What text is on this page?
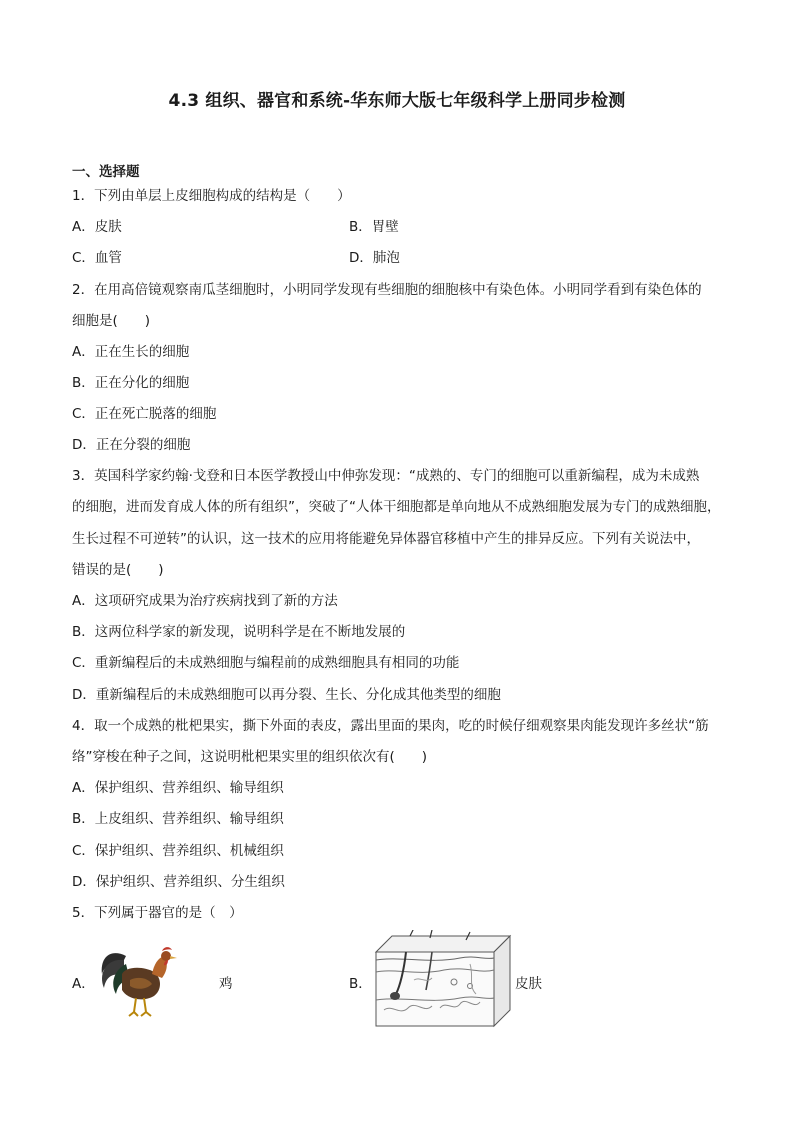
4.3 组织、器官和系统-华东师大版七年级科学上册同步检测
一、选择题
1．下列由单层上皮细胞构成的结构是（　　）
A．皮肤	B．胃壁
C．血管	D．肺泡
2．在用高倍镜观察南瓜茎细胞时，小明同学发现有些细胞的细胞核中有染色体。小明同学看到有染色体的
细胞是(　　)
A．正在生长的细胞
B．正在分化的细胞
C．正在死亡脱落的细胞
D．正在分裂的细胞
3．英国科学家约翰·戈登和日本医学教授山中伸弥发现：“成熟的、专门的细胞可以重新编程，成为未成熟
的细胞，进而发育成人体的所有组织”，突破了“人体干细胞都是单向地从不成熟细胞发展为专门的成熟细胞，
生长过程不可逆转”的认识，这一技术的应用将能避免异体器官移植中产生的排异反应。下列有关说法中，
错误的是(　　)
A．这项研究成果为治疗疾病找到了新的方法
B．这两位科学家的新发现，说明科学是在不断地发展的
C．重新编程后的未成熟细胞与编程前的成熟细胞具有相同的功能
D．重新编程后的未成熟细胞可以再分裂、生长、分化成其他类型的细胞
4．取一个成熟的枇杷果实，撕下外面的表皮，露出里面的果肉，吃的时候仔细观察果肉能发现许多丝状“筋
络”穿梭在种子之间，这说明枇杷果实里的组织依次有(　　)
A．保护组织、营养组织、输导组织
B．上皮组织、营养组织、输导组织
C．保护组织、营养组织、机械组织
D．保护组织、营养组织、分生组织
5．下列属于器官的是（　）
A．	鸡	B．	皮肤
